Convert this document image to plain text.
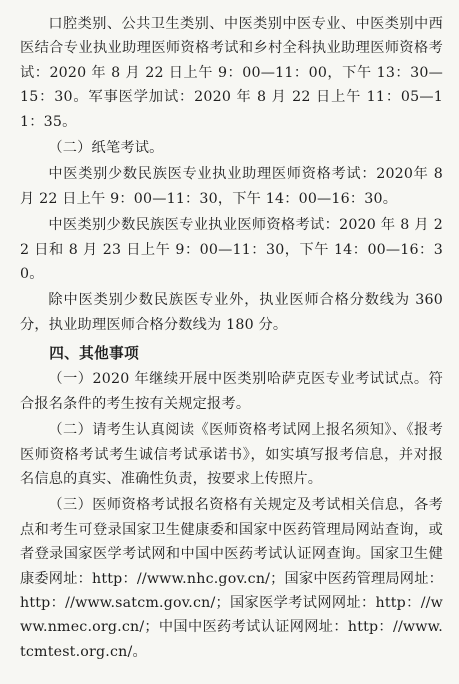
口腔类别、公共卫生类别、中医类别中医专业、中医类别中西医结合专业执业助理医师资格考试和乡村全科执业助理医师资格考试：2020 年 8 月 22 日上午 9：00—11：00，下午 13：30—15：30。军事医学加试：2020 年 8 月 22 日上午 11：05—11：35。

（二）纸笔考试。

中医类别少数民族医专业执业助理医师资格考试：2020年 8 月 22 日上午 9：00—11：30，下午 14：00—16：30。

中医类别少数民族医专业执业医师资格考试：2020 年 8 月 22 日和 8 月 23 日上午 9：00—11：30，下午 14：00—16：30。

除中医类别少数民族医专业外，执业医师合格分数线为 360 分，执业助理医师合格分数线为 180 分。

四、其他事项

（一）2020 年继续开展中医类别哈萨克医专业考试试点。符合报名条件的考生按有关规定报考。

（二）请考生认真阅读《医师资格考试网上报名须知》、《报考医师资格考试考生诚信考试承诺书》，如实填写报考信息，并对报名信息的真实、准确性负责，按要求上传照片。

（三）医师资格考试报名资格有关规定及考试相关信息，各考点和考生可登录国家卫生健康委和国家中医药管理局网站查询，或者登录国家医学考试网和中国中医药考试认证网查询。国家卫生健康委网址：http：//www.nhc.gov.cn/；国家中医药管理局网址：http：//www.satcm.gov.cn/；国家医学考试网网址：http：//www.nmec.org.cn/；中国中医药考试认证网网址：http：//www.tcmtest.org.cn/。
